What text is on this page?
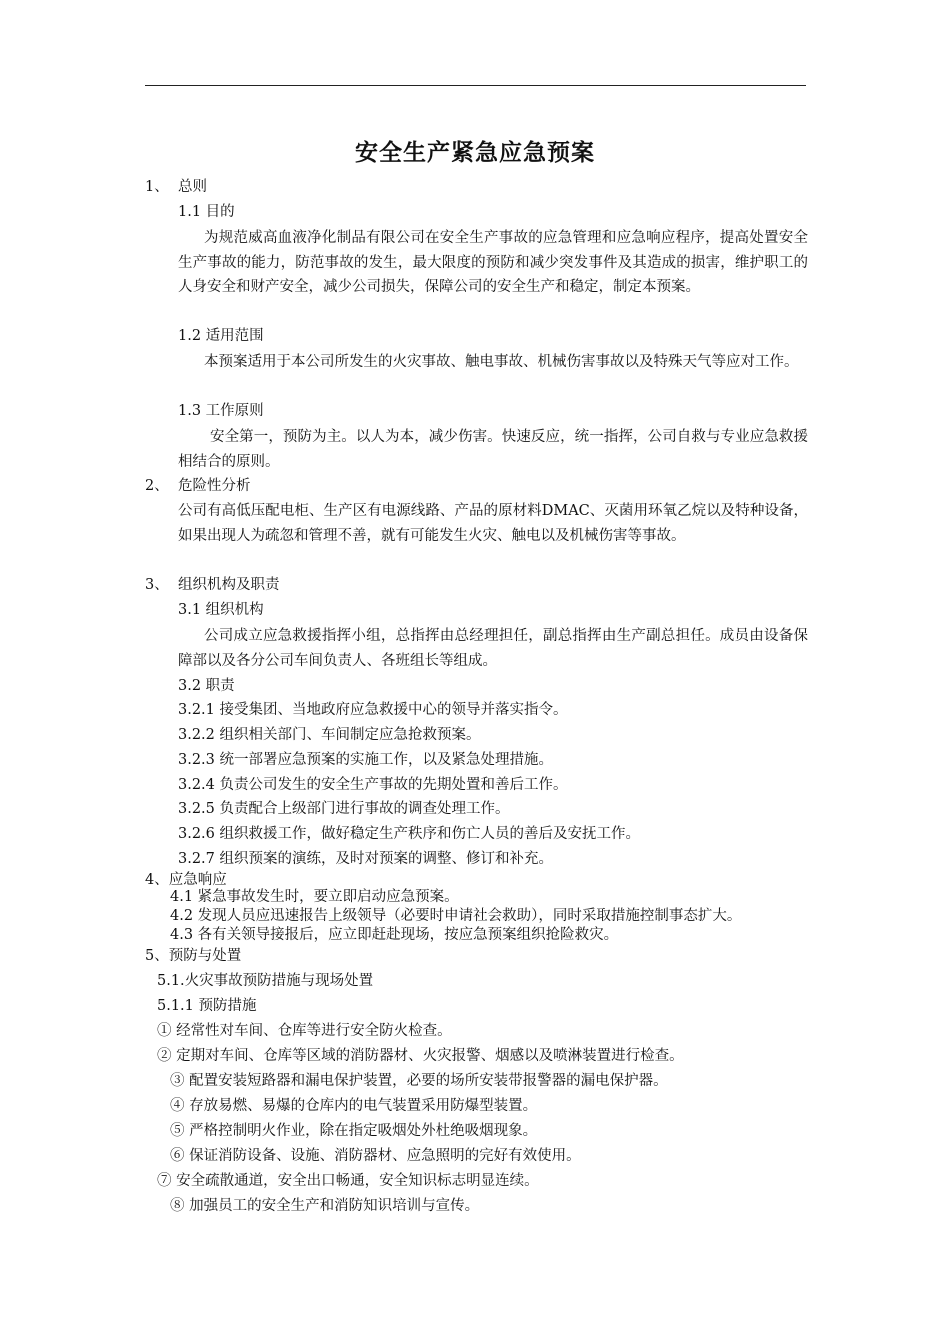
安全生产紧急应急预案
1、 总则
1.1 目的
为规范威高血液净化制品有限公司在安全生产事故的应急管理和应急响应程序，提高处置安全生产事故的能力，防范事故的发生，最大限度的预防和减少突发事件及其造成的损害，维护职工的人身安全和财产安全，减少公司损失，保障公司的安全生产和稳定，制定本预案。
1.2 适用范围
本预案适用于本公司所发生的火灾事故、触电事故、机械伤害事故以及特殊天气等应对工作。
1.3 工作原则
安全第一，预防为主。以人为本，减少伤害。快速反应，统一指挥，公司自救与专业应急救援相结合的原则。
2、 危险性分析
公司有高低压配电柜、生产区有电源线路、产品的原材料DMAC、灭菌用环氧乙烷以及特种设备，如果出现人为疏忽和管理不善，就有可能发生火灾、触电以及机械伤害等事故。
3、 组织机构及职责
3.1 组织机构
公司成立应急救援指挥小组，总指挥由总经理担任，副总指挥由生产副总担任。成员由设备保障部以及各分公司车间负责人、各班组长等组成。
3.2 职责
3.2.1 接受集团、当地政府应急救援中心的领导并落实指令。
3.2.2 组织相关部门、车间制定应急抢救预案。
3.2.3 统一部署应急预案的实施工作，以及紧急处理措施。
3.2.4 负责公司发生的安全生产事故的先期处置和善后工作。
3.2.5 负责配合上级部门进行事故的调查处理工作。
3.2.6 组织救援工作，做好稳定生产秩序和伤亡人员的善后及安抚工作。
3.2.7 组织预案的演练，及时对预案的调整、修订和补充。
4、应急响应
4.1 紧急事故发生时，要立即启动应急预案。
4.2 发现人员应迅速报告上级领导（必要时申请社会救助），同时采取措施控制事态扩大。
4.3 各有关领导接报后，应立即赶赴现场，按应急预案组织抢险救灾。
5、预防与处置
5.1.火灾事故预防措施与现场处置
5.1.1 预防措施
① 经常性对车间、仓库等进行安全防火检查。
② 定期对车间、仓库等区域的消防器材、火灾报警、烟感以及喷淋装置进行检查。
③ 配置安装短路器和漏电保护装置，必要的场所安装带报警器的漏电保护器。
④ 存放易燃、易爆的仓库内的电气装置采用防爆型装置。
⑤ 严格控制明火作业，除在指定吸烟处外杜绝吸烟现象。
⑥ 保证消防设备、设施、消防器材、应急照明的完好有效使用。
⑦ 安全疏散通道，安全出口畅通，安全知识标志明显连续。
⑧ 加强员工的安全生产和消防知识培训与宣传。
